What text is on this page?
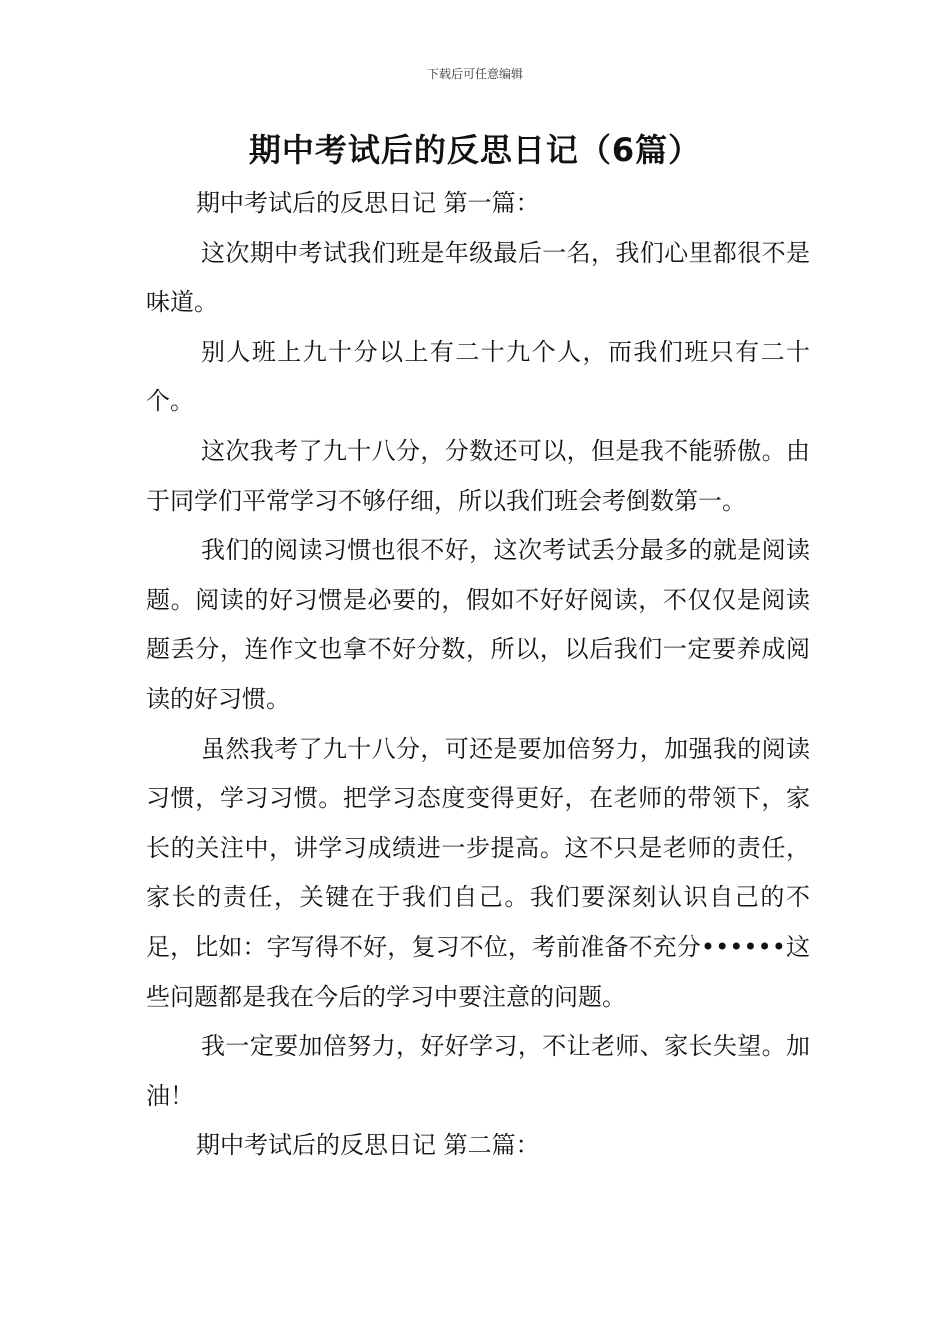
下载后可任意编辑
期中考试后的反思日记（6篇）

期中考试后的反思日记 第一篇：

这次期中考试我们班是年级最后一名，我们心里都很不是味道。

别人班上九十分以上有二十九个人，而我们班只有二十个。

这次我考了九十八分，分数还可以，但是我不能骄傲。由于同学们平常学习不够仔细，所以我们班会考倒数第一。

我们的阅读习惯也很不好，这次考试丢分最多的就是阅读题。阅读的好习惯是必要的，假如不好好阅读，不仅仅是阅读题丢分，连作文也拿不好分数，所以，以后我们一定要养成阅读的好习惯。

虽然我考了九十八分，可还是要加倍努力，加强我的阅读习惯，学习习惯。把学习态度变得更好，在老师的带领下，家长的关注中，讲学习成绩进一步提高。这不只是老师的责任，家长的责任，关键在于我们自己。我们要深刻认识自己的不足，比如：字写得不好，复习不位，考前准备不充分••••••这些问题都是我在今后的学习中要注意的问题。

我一定要加倍努力，好好学习，不让老师、家长失望。加油！

期中考试后的反思日记 第二篇：
